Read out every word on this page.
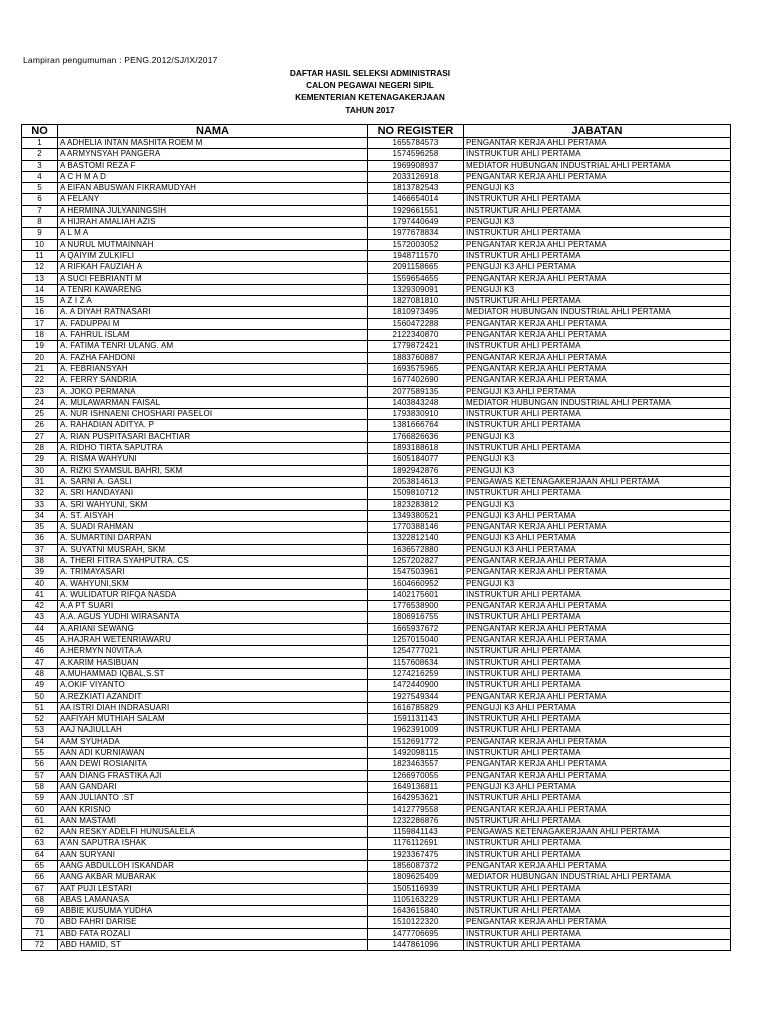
Lampiran pengumuman : PENG.2012/SJ/IX/2017
DAFTAR HASIL SELEKSI ADMINISTRASI
CALON PEGAWAI NEGERI SIPIL
KEMENTERIAN KETENAGAKERJAAN
TAHUN 2017
NO	NAMA	NO REGISTER	JABATAN
1	A ADHELIA INTAN MASHITA ROEM M	1655784573	PENGANTAR KERJA AHLI PERTAMA
2	A ARMYNSYAH PANGERA	1574596258	INSTRUKTUR AHLI PERTAMA
3	A BASTOMI REZA F	1969908937	MEDIATOR HUBUNGAN INDUSTRIAL AHLI PERTAMA
4	A C H M A D	2033126918	PENGANTAR KERJA AHLI PERTAMA
5	A EIFAN ABUSWAN FIKRAMUDYAH	1813782543	PENGUJI K3
6	A FELANY	1466654014	INSTRUKTUR AHLI PERTAMA
7	A HERMINA JULYANINGSIH	1929661551	INSTRUKTUR AHLI PERTAMA
8	A HIJRAH AMALIAH AZIS	1797440649	PENGUJI K3
9	A L M A	1977678834	INSTRUKTUR AHLI PERTAMA
10	A NURUL MUTMAINNAH	1572003052	PENGANTAR KERJA AHLI PERTAMA
11	A QAIYIM ZULKIFLI	1948711570	INSTRUKTUR AHLI PERTAMA
12	A RIFKAH FAUZIAH A	2091158665	PENGUJI K3 AHLI PERTAMA
13	A SUCI FEBRIANTI M	1559654655	PENGANTAR KERJA AHLI PERTAMA
14	A TENRI KAWARENG	1329309091	PENGUJI K3
15	A Z I Z A	1827081810	INSTRUKTUR AHLI PERTAMA
16	A. A DIYAH RATNASARI	1810973495	MEDIATOR HUBUNGAN INDUSTRIAL AHLI PERTAMA
17	A. FADUPPAI M	1560472288	PENGANTAR KERJA AHLI PERTAMA
18	A. FAHRUL ISLAM	2122340870	PENGANTAR KERJA AHLI PERTAMA
19	A. FATIMA TENRI ULANG. AM	1779872421	INSTRUKTUR AHLI PERTAMA
20	A. FAZHA FAHDONI	1883760887	PENGANTAR KERJA AHLI PERTAMA
21	A. FEBRIANSYAH	1693575965	PENGANTAR KERJA AHLI PERTAMA
22	A. FERRY SANDRIA	1677402690	PENGANTAR KERJA AHLI PERTAMA
23	A. JOKO PERMANA	2077589135	PENGUJI K3 AHLI PERTAMA
24	A. MULAWARMAN FAISAL	1403843248	MEDIATOR HUBUNGAN INDUSTRIAL AHLI PERTAMA
25	A. NUR ISHNAENI CHOSHARI PASELOI	1793830910	INSTRUKTUR AHLI PERTAMA
26	A. RAHADIAN ADITYA. P	1381666764	INSTRUKTUR AHLI PERTAMA
27	A. RIAN PUSPITASARI BACHTIAR	1766826636	PENGUJI K3
28	A. RIDHO TIRTA SAPUTRA	1893188618	INSTRUKTUR AHLI PERTAMA
29	A. RISMA WAHYUNI	1605184077	PENGUJI K3
30	A. RIZKI SYAMSUL BAHRI, SKM	1892942876	PENGUJI K3
31	A. SARNI A. GASLI	2053814613	PENGAWAS KETENAGAKERJAAN AHLI PERTAMA
32	A. SRI HANDAYANI	1509810712	INSTRUKTUR AHLI PERTAMA
33	A. SRI WAHYUNI, SKM	1823283812	PENGUJI K3
34	A. ST. AISYAH	1349380521	PENGUJI K3 AHLI PERTAMA
35	A. SUADI RAHMAN	1770388146	PENGANTAR KERJA AHLI PERTAMA
36	A. SUMARTINI DARPAN	1322812140	PENGUJI K3 AHLI PERTAMA
37	A. SUYATNI MUSRAH, SKM	1636572880	PENGUJI K3 AHLI PERTAMA
38	A. THERI FITRA SYAHPUTRA. CS	1257202827	PENGANTAR KERJA AHLI PERTAMA
39	A. TRIMAYASARI	1547503961	PENGANTAR KERJA AHLI PERTAMA
40	A. WAHYUNI,SKM	1604660952	PENGUJI K3
41	A. WULIDATUR RIFQA NASDA	1402175601	INSTRUKTUR AHLI PERTAMA
42	A.A PT SUARI	1776538900	PENGANTAR KERJA AHLI PERTAMA
43	A.A. AGUS YUDHI WIRASANTA	1806916755	INSTRUKTUR AHLI PERTAMA
44	A.ARIANI SEWANG	1665937672	PENGANTAR KERJA AHLI PERTAMA
45	A.HAJRAH WETENRIAWARU	1257015040	PENGANTAR KERJA AHLI PERTAMA
46	A.HERMYN N0VITA.A	1254777021	INSTRUKTUR AHLI PERTAMA
47	A.KARIM HASIBUAN	1157608634	INSTRUKTUR AHLI PERTAMA
48	A.MUHAMMAD IQBAL,S.ST	1274216259	INSTRUKTUR AHLI PERTAMA
49	A.OKIF VIYANTO	1472440900	INSTRUKTUR AHLI PERTAMA
50	A.REZKIATI AZANDIT	1927549344	PENGANTAR KERJA AHLI PERTAMA
51	AA ISTRI DIAH INDRASUARI	1616785829	PENGUJI K3 AHLI PERTAMA
52	AAFIYAH MUTHIAH SALAM	1591131143	INSTRUKTUR AHLI PERTAMA
53	AAJ NAJIULLAH	1962391009	INSTRUKTUR AHLI PERTAMA
54	AAM SYUHADA	1512691772	PENGANTAR KERJA AHLI PERTAMA
55	AAN ADI KURNIAWAN	1492098115	INSTRUKTUR AHLI PERTAMA
56	AAN DEWI ROSIANITA	1823463557	PENGANTAR KERJA AHLI PERTAMA
57	AAN DIANG FRASTIKA AJI	1266970055	PENGANTAR KERJA AHLI PERTAMA
58	AAN GANDARI	1649136811	PENGUJI K3 AHLI PERTAMA
59	AAN JULIANTO .ST	1642953621	INSTRUKTUR AHLI PERTAMA
60	AAN KRISNO	1412779558	PENGANTAR KERJA AHLI PERTAMA
61	AAN MASTAMI	1232286876	INSTRUKTUR AHLI PERTAMA
62	AAN RESKY ADELFI HUNUSALELA	1159841143	PENGAWAS KETENAGAKERJAAN AHLI PERTAMA
63	A'AN SAPUTRA ISHAK	1176112691	INSTRUKTUR AHLI PERTAMA
64	AAN SURYANI	1923367475	INSTRUKTUR AHLI PERTAMA
65	AANG ABDULLOH ISKANDAR	1856087372	PENGANTAR KERJA AHLI PERTAMA
66	AANG AKBAR MUBARAK	1809625409	MEDIATOR HUBUNGAN INDUSTRIAL AHLI PERTAMA
67	AAT PUJI LESTARI	1505116939	INSTRUKTUR AHLI PERTAMA
68	ABAS LAMANASA	1105163229	INSTRUKTUR AHLI PERTAMA
69	ABBIE KUSUMA YUDHA	1643615840	INSTRUKTUR AHLI PERTAMA
70	ABD FAHRI DARISE	1510122320	PENGANTAR KERJA AHLI PERTAMA
71	ABD FATA ROZALI	1477706695	INSTRUKTUR AHLI PERTAMA
72	ABD HAMID, ST	1447861096	INSTRUKTUR AHLI PERTAMA
